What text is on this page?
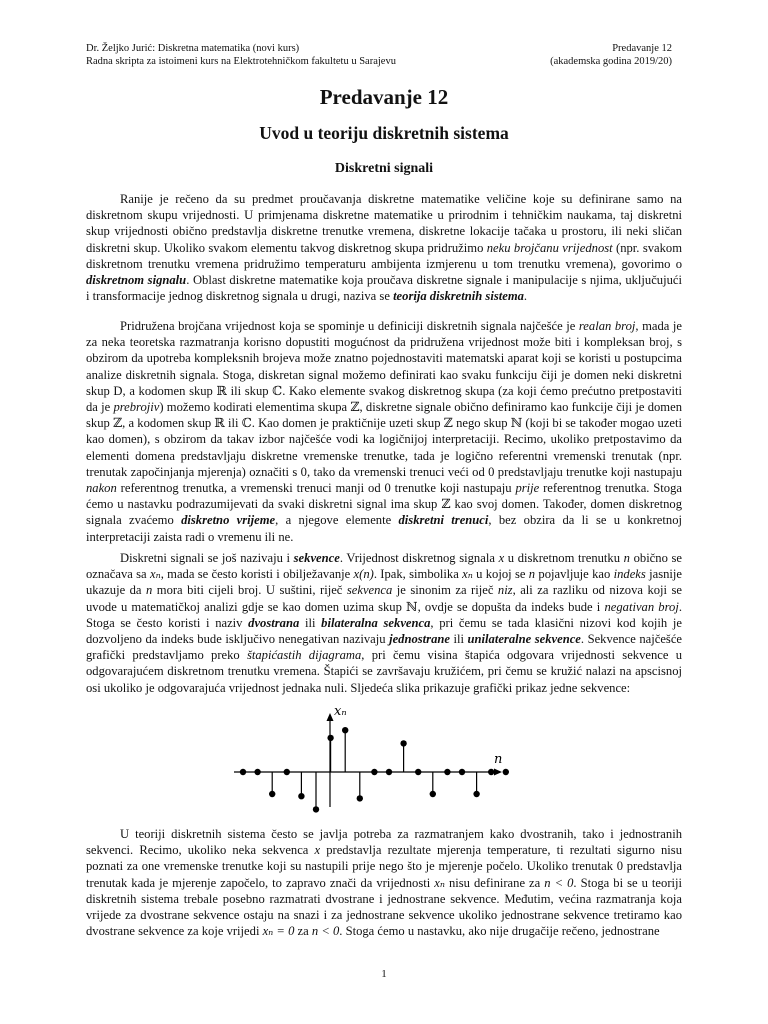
Dr. Željko Jurić: Diskretna matematika (novi kurs)
Radna skripta za istoimeni kurs na Elektrotehničkom fakultetu u Sarajevu
Predavanje 12
(akademska godina 2019/20)
Predavanje 12
Uvod u teoriju diskretnih sistema
Diskretni signali

Ranije je rečeno da su predmet proučavanja diskretne matematike veličine koje su definirane samo na diskretnom skupu vrijednosti. U primjenama diskretne matematike u prirodnim i tehničkim naukama, taj diskretni skup vrijednosti obično predstavlja diskretne trenutke vremena, diskretne lokacije tačaka u prostoru, ili neki sličan diskretni skup. Ukoliko svakom elementu takvog diskretnog skupa pridružimo neku brojčanu vrijednost (npr. svakom diskretnom trenutku vremena pridružimo temperaturu ambijenta izmjerenu u tom trenutku vremena), govorimo o diskretnom signalu. Oblast diskretne matematike koja proučava diskretne signale i manipulacije s njima, uključujući i transformacije jednog diskretnog signala u drugi, naziva se teorija diskretnih sistema.

Pridružena brojčana vrijednost koja se spominje u definiciji diskretnih signala najčešće je realan broj, mada je za neka teoretska razmatranja korisno dopustiti mogućnost da pridružena vrijednost može biti i kompleksan broj, s obzirom da upotreba kompleksnih brojeva može znatno pojednostaviti matematski aparat koji se koristi u postupcima analize diskretnih signala. Stoga, diskretan signal možemo definirati kao svaku funkciju čiji je domen neki diskretni skup D, a kodomen skup ℝ ili skup ℂ. Kako elemente svakog diskretnog skupa (za koji ćemo prećutno pretpostaviti da je prebrojiv) možemo kodirati elementima skupa ℤ, diskretne signale obično definiramo kao funkcije čiji je domen skup ℤ, a kodomen skup ℝ ili ℂ. Kao domen je praktičnije uzeti skup ℤ nego skup ℕ (koji bi se također mogao uzeti kao domen), s obzirom da takav izbor najčešće vodi ka logičnijoj interpretaciji. Recimo, ukoliko pretpostavimo da elementi domena predstavljaju diskretne vremenske trenutke, tada je logično referentni vremenski trenutak (npr. trenutak započinjanja mjerenja) označiti s 0, tako da vremenski trenuci veći od 0 predstavljaju trenutke koji nastupaju nakon referentnog trenutka, a vremenski trenuci manji od 0 trenutke koji nastupaju prije referentnog trenutka. Stoga ćemo u nastavku podrazumijevati da svaki diskretni signal ima skup ℤ kao svoj domen. Također, domen diskretnog signala zvaćemo diskretno vrijeme, a njegove elemente diskretni trenuci, bez obzira da li se u konkretnoj interpretaciji zaista radi o vremenu ili ne.

Diskretni signali se još nazivaju i sekvence. Vrijednost diskretnog signala x u diskretnom trenutku n obično se označava sa xₙ, mada se često koristi i obilježavanje x(n). Ipak, simbolika xₙ u kojoj se n pojavljuje kao indeks jasnije ukazuje da n mora biti cijeli broj. U suštini, riječ sekvenca je sinonim za riječ niz, ali za razliku od nizova koji se uvode u matematičkoj analizi gdje se kao domen uzima skup ℕ, ovdje se dopušta da indeks bude i negativan broj. Stoga se često koristi i naziv dvostrana ili bilateralna sekvenca, pri čemu se tada klasični nizovi kod kojih je dozvoljeno da indeks bude isključivo nenegativan nazivaju jednostrane ili unilateralne sekvence. Sekvence najčešće grafički predstavljamo preko štapićastih dijagrama, pri čemu visina štapića odgovara vrijednosti sekvence u odgovarajućem diskretnom trenutku vremena. Štapići se završavaju kružićem, pri čemu se kružić nalazi na apscisnoj osi ukoliko je odgovarajuća vrijednost jednaka nuli. Sljedeća slika prikazuje grafički prikaz jedne sekvence:

xₙ
n

U teoriji diskretnih sistema često se javlja potreba za razmatranjem kako dvostranih, tako i jednostranih sekvenci. Recimo, ukoliko neka sekvenca x predstavlja rezultate mjerenja temperature, ti rezultati sigurno nisu poznati za one vremenske trenutke koji su nastupili prije nego što je mjerenje počelo. Ukoliko trenutak 0 predstavlja trenutak kada je mjerenje započelo, to zapravo znači da vrijednosti xₙ nisu definirane za n < 0. Stoga bi se u teoriji diskretnih sistema trebale posebno razmatrati dvostrane i jednostrane sekvence. Međutim, većina razmatranja koja vrijede za dvostrane sekvence ostaju na snazi i za jednostrane sekvence ukoliko jednostrane sekvence tretiramo kao dvostrane sekvence za koje vrijedi xₙ = 0 za n < 0. Stoga ćemo u nastavku, ako nije drugačije rečeno, jednostrane

1
